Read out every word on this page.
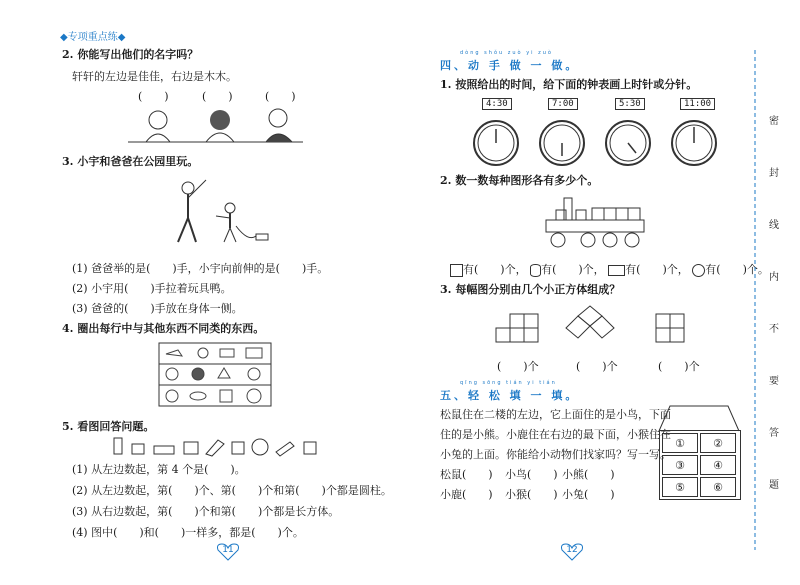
◆专项重点练◆
2. 你能写出他们的名字吗？
轩轩的左边是佳佳，右边是木木。
(　　)	(　　)	(　　)
3. 小宇和爸爸在公园里玩。
(1) 爸爸举的是(　　)手，小宇向前伸的是(　　)手。
(2) 小宇用(　　)手拉着玩具鸭。
(3) 爸爸的(　　)手放在身体一侧。
4. 圈出每行中与其他东西不同类的东西。
5. 看图回答问题。
(1) 从左边数起，第 4 个是(　　)。
(2) 从左边数起，第(　　)个、第(　　)个和第(　　)个都是圆柱。
(3) 从右边数起，第(　　)个和第(　　)个都是长方体。
(4) 图中(　　)和(　　)一样多，都是(　　)个。
11
dòng shǒu zuò yi zuò
四、动 手 做 一 做。
1. 按照给出的时间，给下面的钟表画上时针或分针。
4:30	7:00	5:30	11:00
2. 数一数每种图形各有多少个。
有(　　)个， 有(　　)个， 有(　　)个， 有(　　)个。
3. 每幅图分别由几个小正方体组成？
(　　)个	(　　)个	(　　)个
qīng sōng tián yi tián
五、轻 松 填 一 填。
松鼠住在二楼的左边，它上面住的是小鸟，下面
住的是小熊。小鹿住在右边的最下面，小猴住在
小兔的上面。你能给小动物们找家吗？写一写。
松鼠(　　) 小鸟(　　) 小熊(　　)
小鹿(　　) 小猴(　　) 小兔(　　)
①	②
③	④
⑤	⑥
12
密
封
线
内
不
要
答
题
